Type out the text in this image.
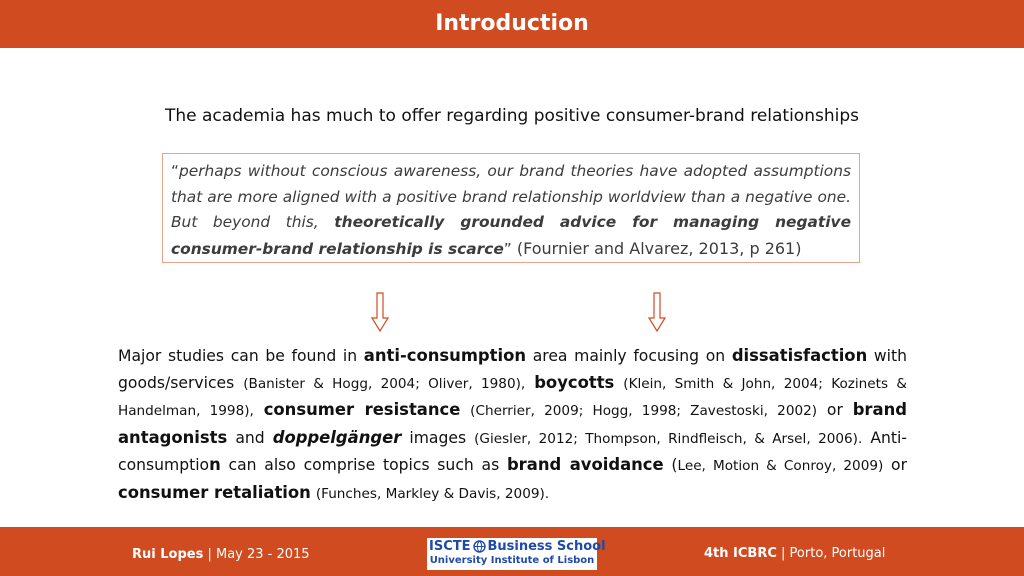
Introduction
The academia has much to offer regarding positive consumer-brand relationships
“perhaps without conscious awareness, our brand theories have adopted assumptions that are more aligned with a positive brand relationship worldview than a negative one. But beyond this, theoretically grounded advice for managing negative consumer-brand relationship is scarce” (Fournier and Alvarez, 2013, p 261)
Major studies can be found in anti-consumption area mainly focusing on dissatisfaction with goods/services (Banister & Hogg, 2004; Oliver, 1980), boycotts (Klein, Smith & John, 2004; Kozinets & Handelman, 1998), consumer resistance (Cherrier, 2009; Hogg, 1998; Zavestoski, 2002) or brand antagonists and doppelgänger images (Giesler, 2012; Thompson, Rindfleisch, & Arsel, 2006). Anti-consumption can also comprise topics such as brand avoidance (Lee, Motion & Conroy, 2009) or consumer retaliation (Funches, Markley & Davis, 2009).
Rui Lopes | May 23 - 2015
ISCTE Business School
University Institute of Lisbon	4th ICBRC | Porto, Portugal
